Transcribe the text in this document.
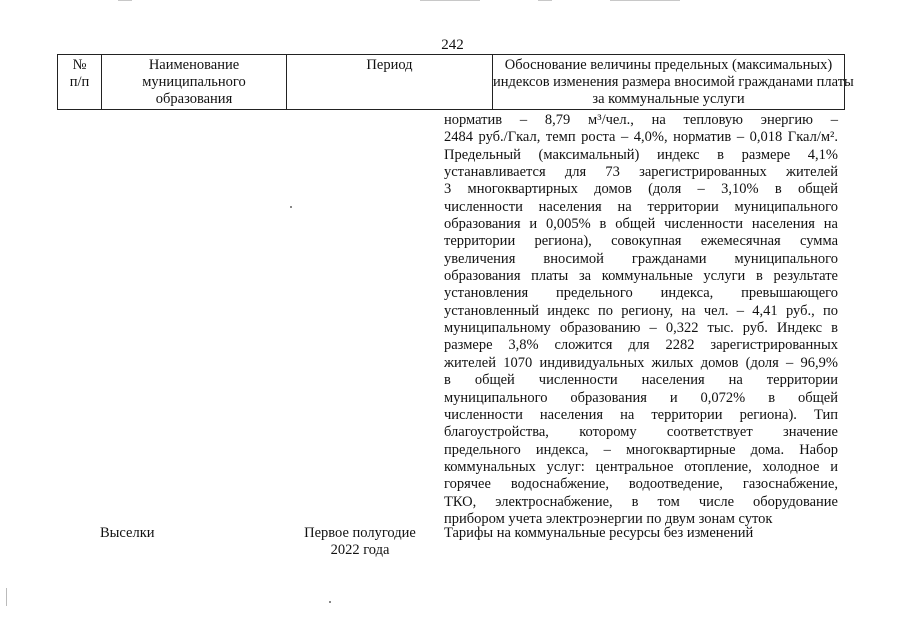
242
№
п/п
Наименование
муниципального
образования
Период	Обоснование величины предельных (максимальных)
индексов изменения размера вносимой гражданами платы
за коммунальные услуги
норматив – 8,79 м³/чел., на тепловую энергию –
2484 руб./Гкал, темп роста – 4,0%, норматив – 0,018 Гкал/м².
Предельный (максимальный) индекс в размере 4,1%
устанавливается для 73 зарегистрированных жителей
3 многоквартирных домов (доля – 3,10% в общей
численности населения на территории муниципального
образования и 0,005% в общей численности населения на
территории региона), совокупная ежемесячная сумма
увеличения вносимой гражданами муниципального
образования платы за коммунальные услуги в результате
установления предельного индекса, превышающего
установленный индекс по региону, на чел. – 4,41 руб., по
муниципальному образованию – 0,322 тыс. руб. Индекс в
размере 3,8% сложится для 2282 зарегистрированных
жителей 1070 индивидуальных жилых домов (доля – 96,9%
в общей численности населения на территории
муниципального образования и 0,072% в общей
численности населения на территории региона). Тип
благоустройства, которому соответствует значение
предельного индекса, – многоквартирные дома. Набор
коммунальных услуг: центральное отопление, холодное и
горячее водоснабжение, водоотведение, газоснабжение,
ТКО, электроснабжение, в том числе оборудование
прибором учета электроэнергии по двум зонам суток
Выселки	Первое полугодие
2022 года
Тарифы на коммунальные ресурсы без изменений
